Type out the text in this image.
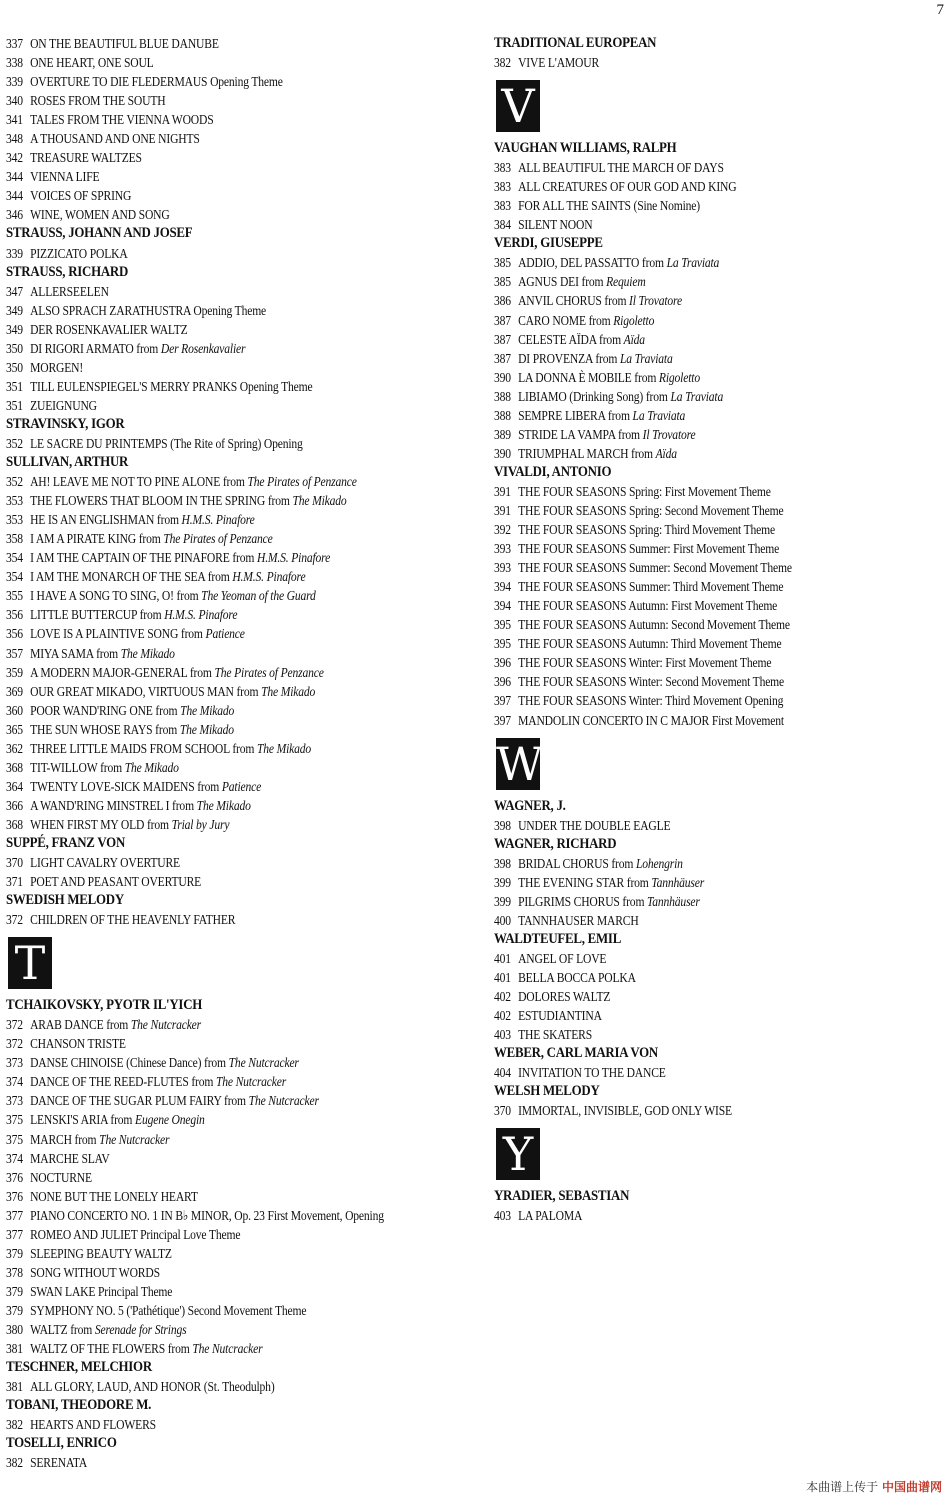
7
337 ON THE BEAUTIFUL BLUE DANUBE
338 ONE HEART, ONE SOUL
339 OVERTURE TO DIE FLEDERMAUS Opening Theme
340 ROSES FROM THE SOUTH
341 TALES FROM THE VIENNA WOODS
348 A THOUSAND AND ONE NIGHTS
342 TREASURE WALTZES
344 VIENNA LIFE
344 VOICES OF SPRING
346 WINE, WOMEN AND SONG
STRAUSS, JOHANN AND JOSEF
339 PIZZICATO POLKA
STRAUSS, RICHARD
347 ALLERSEELEN
349 ALSO SPRACH ZARATHUSTRA Opening Theme
349 DER ROSENKAVALIER WALTZ
350 DI RIGORI ARMATO from Der Rosenkavalier
350 MORGEN!
351 TILL EULENSPIEGEL'S MERRY PRANKS Opening Theme
351 ZUEIGNUNG
STRAVINSKY, IGOR
352 LE SACRE DU PRINTEMPS (The Rite of Spring) Opening
SULLIVAN, ARTHUR
352 AH! LEAVE ME NOT TO PINE ALONE from The Pirates of Penzance
353 THE FLOWERS THAT BLOOM IN THE SPRING from The Mikado
353 HE IS AN ENGLISHMAN from H.M.S. Pinafore
358 I AM A PIRATE KING from The Pirates of Penzance
354 I AM THE CAPTAIN OF THE PINAFORE from H.M.S. Pinafore
354 I AM THE MONARCH OF THE SEA from H.M.S. Pinafore
355 I HAVE A SONG TO SING, O! from The Yeoman of the Guard
356 LITTLE BUTTERCUP from H.M.S. Pinafore
356 LOVE IS A PLAINTIVE SONG from Patience
357 MIYA SAMA from The Mikado
359 A MODERN MAJOR-GENERAL from The Pirates of Penzance
369 OUR GREAT MIKADO, VIRTUOUS MAN from The Mikado
360 POOR WAND'RING ONE from The Mikado
365 THE SUN WHOSE RAYS from The Mikado
362 THREE LITTLE MAIDS FROM SCHOOL from The Mikado
368 TIT-WILLOW from The Mikado
364 TWENTY LOVE-SICK MAIDENS from Patience
366 A WAND'RING MINSTREL I from The Mikado
368 WHEN FIRST MY OLD from Trial by Jury
SUPPÉ, FRANZ VON
370 LIGHT CAVALRY OVERTURE
371 POET AND PEASANT OVERTURE
SWEDISH MELODY
372 CHILDREN OF THE HEAVENLY FATHER
T
TCHAIKOVSKY, PYOTR IL'YICH
372 ARAB DANCE from The Nutcracker
372 CHANSON TRISTE
373 DANSE CHINOISE (Chinese Dance) from The Nutcracker
374 DANCE OF THE REED-FLUTES from The Nutcracker
373 DANCE OF THE SUGAR PLUM FAIRY from The Nutcracker
375 LENSKI'S ARIA from Eugene Onegin
375 MARCH from The Nutcracker
374 MARCHE SLAV
376 NOCTURNE
376 NONE BUT THE LONELY HEART
377 PIANO CONCERTO NO. 1 IN B♭ MINOR, Op. 23 First Movement, Opening
377 ROMEO AND JULIET Principal Love Theme
379 SLEEPING BEAUTY WALTZ
378 SONG WITHOUT WORDS
379 SWAN LAKE Principal Theme
379 SYMPHONY NO. 5 ('Pathétique') Second Movement Theme
380 WALTZ from Serenade for Strings
381 WALTZ OF THE FLOWERS from The Nutcracker
TESCHNER, MELCHIOR
381 ALL GLORY, LAUD, AND HONOR (St. Theodulph)
TOBANI, THEODORE M.
382 HEARTS AND FLOWERS
TOSELLI, ENRICO
382 SERENATA
TRADITIONAL EUROPEAN
382 VIVE L'AMOUR
V
VAUGHAN WILLIAMS, RALPH
383 ALL BEAUTIFUL THE MARCH OF DAYS
383 ALL CREATURES OF OUR GOD AND KING
383 FOR ALL THE SAINTS (Sine Nomine)
384 SILENT NOON
VERDI, GIUSEPPE
385 ADDIO, DEL PASSATTO from La Traviata
385 AGNUS DEI from Requiem
386 ANVIL CHORUS from Il Trovatore
387 CARO NOME from Rigoletto
387 CELESTE AÏDA from Aïda
387 DI PROVENZA from La Traviata
390 LA DONNA È MOBILE from Rigoletto
388 LIBIAMO (Drinking Song) from La Traviata
388 SEMPRE LIBERA from La Traviata
389 STRIDE LA VAMPA from Il Trovatore
390 TRIUMPHAL MARCH from Aïda
VIVALDI, ANTONIO
391 THE FOUR SEASONS Spring: First Movement Theme
391 THE FOUR SEASONS Spring: Second Movement Theme
392 THE FOUR SEASONS Spring: Third Movement Theme
393 THE FOUR SEASONS Summer: First Movement Theme
393 THE FOUR SEASONS Summer: Second Movement Theme
394 THE FOUR SEASONS Summer: Third Movement Theme
394 THE FOUR SEASONS Autumn: First Movement Theme
395 THE FOUR SEASONS Autumn: Second Movement Theme
395 THE FOUR SEASONS Autumn: Third Movement Theme
396 THE FOUR SEASONS Winter: First Movement Theme
396 THE FOUR SEASONS Winter: Second Movement Theme
397 THE FOUR SEASONS Winter: Third Movement Opening
397 MANDOLIN CONCERTO IN C MAJOR First Movement
W
WAGNER, J.
398 UNDER THE DOUBLE EAGLE
WAGNER, RICHARD
398 BRIDAL CHORUS from Lohengrin
399 THE EVENING STAR from Tannhäuser
399 PILGRIMS CHORUS from Tannhäuser
400 TANNHAUSER MARCH
WALDTEUFEL, EMIL
401 ANGEL OF LOVE
401 BELLA BOCCA POLKA
402 DOLORES WALTZ
402 ESTUDIANTINA
403 THE SKATERS
WEBER, CARL MARIA VON
404 INVITATION TO THE DANCE
WELSH MELODY
370 IMMORTAL, INVISIBLE, GOD ONLY WISE
Y
YRADIER, SEBASTIAN
403 LA PALOMA
本曲谱上传于 中国曲谱网
